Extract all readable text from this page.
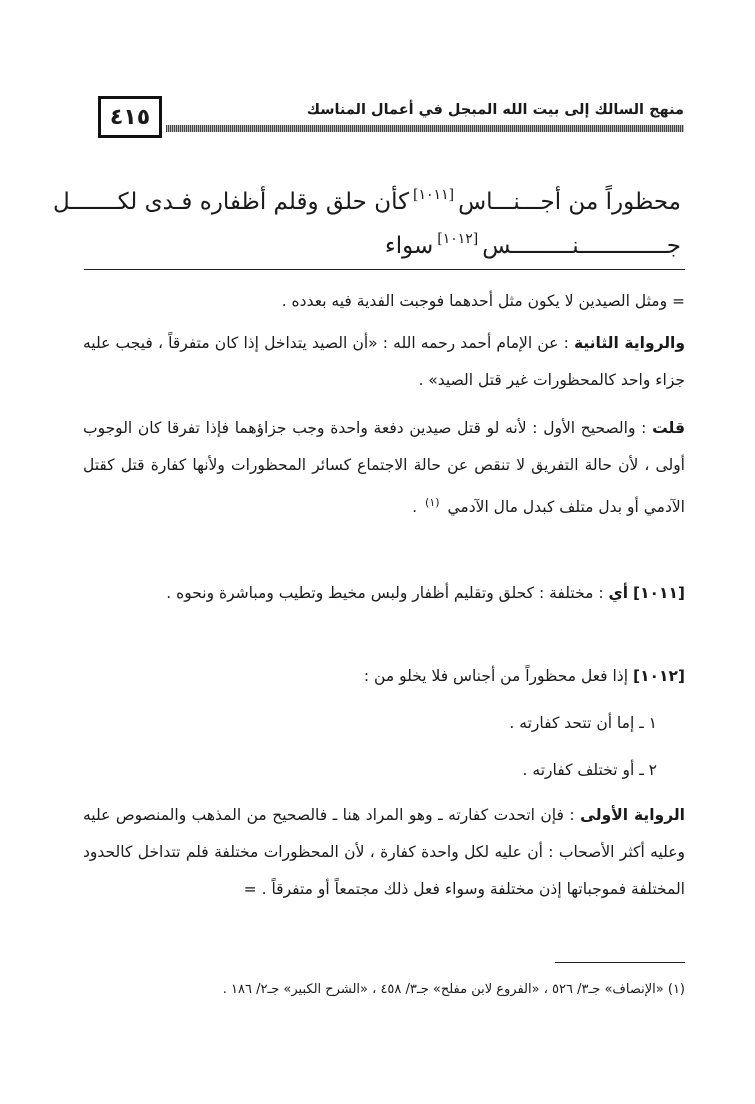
٤١٥	منهج السالك إلى بيت الله المبجل في أعمال المناسك
محظوراً من أجـــنـــاس[١٠١١]كأن حلق وقلم أظفاره فـدى لكـــــــل
جـــــــــــــنـــــــــس[١٠١٢]سواء
= ومثل الصيدين لا يكون مثل أحدهما فوجبت الفدية فيه بعدده .
والرواية الثانية : عن الإمام أحمد رحمه الله : «أن الصيد يتداخل إذا كان متفرقاً ، فيجب عليه جزاء واحد كالمحظورات غير قتل الصيد» .
قلت : والصحيح الأول : لأنه لو قتل صيدين دفعة واحدة وجب جزاؤهما فإذا تفرقا كان الوجوب أولى ، لأن حالة التفريق لا تنقص عن حالة الاجتماع كسائر المحظورات ولأنها كفارة قتل كقتل الآدمي أو بدل متلف كبدل مال الآدمي $^{(١)}$ .
[١٠١١] أي : مختلفة : كحلق وتقليم أظفار ولبس مخيط وتطيب ومباشرة ونحوه .
[١٠١٢] إذا فعل محظوراً من أجناس فلا يخلو من :
١ ـ إما أن تتحد كفارته .
٢ ـ أو تختلف كفارته .
الرواية الأولى : فإن اتحدت كفارته ـ وهو المراد هنا ـ فالصحيح من المذهب والمنصوص عليه وعليه أكثر الأصحاب : أن عليه لكل واحدة كفارة ، لأن المحظورات مختلفة فلم تتداخل كالحدود المختلفة فموجباتها إذن مختلفة وسواء فعل ذلك مجتمعاً أو متفرقاً . =
(١) «الإنصاف» جـ٣/ ٥٢٦ ، «الفروع لابن مفلح» جـ٣/ ٤٥٨ ، «الشرح الكبير» جـ٢/ ١٨٦ .
